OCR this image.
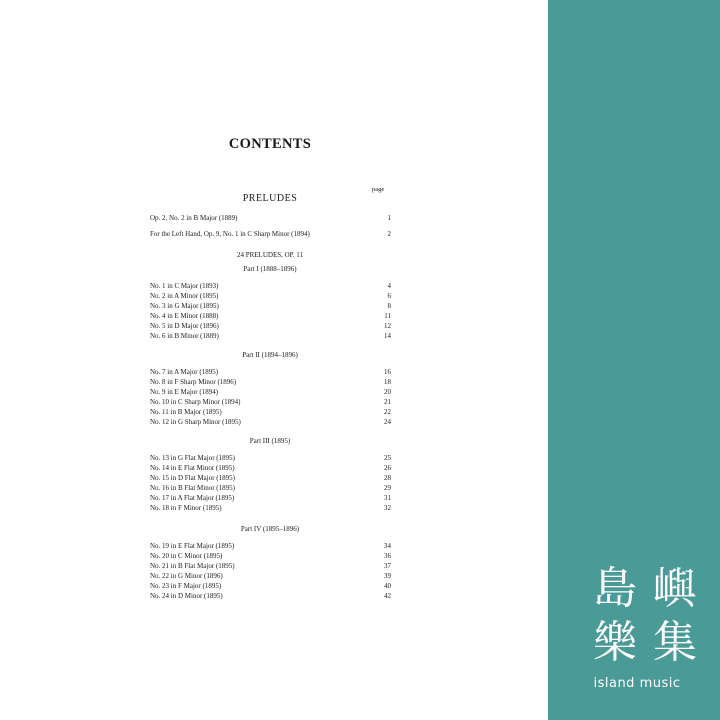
CONTENTS
page
PRELUDES
Op. 2, No. 2 in B Major (1889)	1
For the Left Hand, Op. 9, No. 1 in C Sharp Minor (1894)	2
24 PRELUDES, OP. 11
Part I (1888–1896)
No. 1 in C Major (1893)	4
No. 2 in A Minor (1895)	6
No. 3 in G Major (1895)	8
No. 4 in E Minor (1888)	11
No. 5 in D Major (1896)	12
No. 6 in B Minor (1889)	14
Part II (1894–1896)
No. 7 in A Major (1895)	16
No. 8 in F Sharp Minor (1896)	18
No. 9 in E Major (1894)	20
No. 10 in C Sharp Minor (1894)	21
No. 11 in B Major (1895)	22
No. 12 in G Sharp Minor (1895)	24
Part III (1895)
No. 13 in G Flat Major (1895)	25
No. 14 in E Flat Minor (1895)	26
No. 15 in D Flat Major (1895)	28
No. 16 in B Flat Minor (1895)	29
No. 17 in A Flat Major (1895)	31
No. 18 in F Minor (1895)	32
Part IV (1895–1896)
No. 19 in E Flat Major (1895)	34
No. 20 in C Minor (1895)	36
No. 21 in B Flat Major (1895)	37
No. 22 in G Minor (1896)	39
No. 23 in F Major (1895)	40
No. 24 in D Minor (1895)	42	島 嶼
樂 集
island music
